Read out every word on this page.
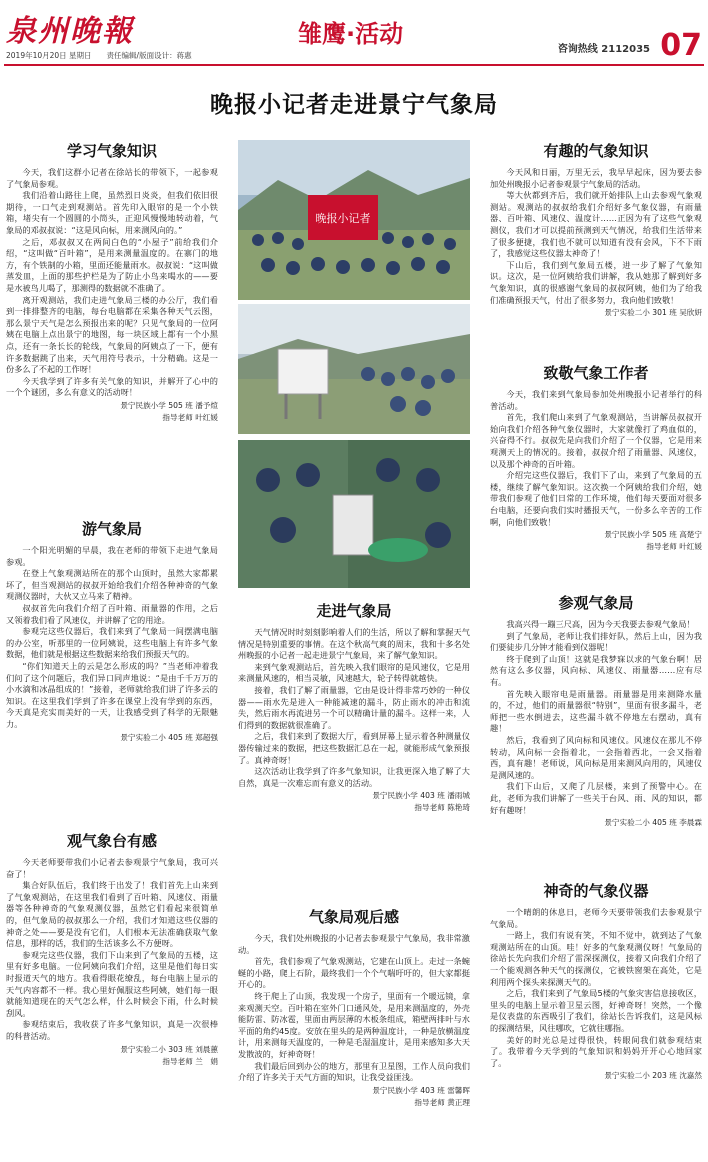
泉州晚報	雏鹰·活动
咨询热线 2112035 07
2019年10月20日 星期日　　责任编辑/版面设计：蒋惠
晚报小记者走进景宁气象局
学习气象知识

今天，我们这群小记者在徐站长的带领下，一起参观了气象局参观。

我们沿着山路往上爬，虽然烈日炎炎，但我们依旧很期待，一口气走到观测站。首先印入眼帘的是一个小铁箱，堵尖有一个圆圆的小筒头，正迎风慢慢地转动着，气象局的邓叔叔说：“这是风向标，用来测风向的。”

之后，邓叔叔又在两间白色的“小屋子”前给我们介绍，“这叫做“百叶箱”，是用来测量温度的。在寨门的地方，有个铁制的小箱，里面还能量雨水。叔叔说：“这叫做蒸发皿，上面的那些护栏是为了防止小鸟来喝水的——要是水被鸟儿喝了，那测得的数据就不准确了。

离开观测站，我们走进气象局三楼的办公厅，我们看到一排排整齐的电脑，每台电脑都在采集各种天气云图，那么景宁天气是怎么预报出来的呢？只见气象局的一位阿姨在电脑上点出景宁的地图，每一块区域上都有一个小黑点，还有一条长长的轮线，气象局的阿姨点了一下，便有许多数据跳了出来，天气用符号表示，十分精确。这是一份多么了不起的工作呀！

今天我学到了许多有关气象的知识，并解开了心中的一个个谜团，多么有意义的活动呀！

景宁民族小学 505 班 潘予煊
指导老师 叶红媛
游气象局

一个阳光明媚的早晨，我在老师的带领下走进气象局参观。

在登上气象观测站所在的那个山顶时，虽然大家都累坏了，但当观测站的叔叔开始给我们介绍各种神奇的气象观测仪器时，大伙又立马来了精神。

叔叔首先向我们介绍了百叶箱、雨量器的作用，之后又领着我们看了风速仪，并讲解了它的用途。

参观完这些仪器后，我们来到了气象局一间摆满电脑的办公室，听那里的一位阿姨说，这些电脑上有许多气象数据，他们就是根据这些数据来给我们预报天气的。

“你们知道天上的云是怎么形成的吗？”当老师冲着我们问了这个问题后，我们异口同声地说：“是由千千万万的小水滴和冰晶组成的！”接着，老师就给我们讲了许多云的知识。在这里我们学到了许多在课堂上没有学到的东西，今天真是充实而美好的一天，让我感受到了科学的无限魅力。

景宁实验二小 405 班 郑超强
观气象台有感

今天老师要带我们小记者去参观景宁气象局，我可兴奋了！

集合好队伍后，我们终于出发了！我们首先上山来到了气象观测站，在这里我们看到了百叶箱、风速仪、雨量器等各种神奇的气象观测仪器，虽然它们看起来很简单的，但气象局的叔叔那么一介绍，我们才知道这些仪器的神奇之处——要是没有它们，人们根本无法准确获取气象信息，那样的话，我们的生活该多么不方便呀。

参观完这些仪器，我们下山来到了气象局的五楼，这里有好多电脑。一位阿姨向我们介绍，这里是他们每日实时报道天气的地方。我看得眼花缭乱，每台电脑上显示的天气内容都不一样。我心里好佩服这些阿姨，她们每一眼就能知道现在的天气怎么样，什么时候会下雨，什么时候刮风。

参观结束后，我收获了许多气象知识，真是一次很棒的科普活动。

景宁实验二小 303 班 刘晨蕙
指导老师 兰　娟
晚报小记者
走进气象局

天气情况时时刻刻影响着人们的生活，所以了解和掌握天气情况是特别重要的事情。在这个秋高气爽的周末，我和十多名处州晚报的小记者一起走进景宁气象局，来了解气象知识。

来到气象观测站后，首先映入我们眼帘的是风速仪，它是用来测量风速的，相当灵敏，风速越大，轮子转得就越快。

接着，我们了解了雨量器，它由是设计得非常巧妙的一种仪器——雨水先是进入一种能减速的漏斗，防止雨水的冲击和流失，然后雨水再流进另一个可以精确计量的漏斗。这样一来，人们得到的数据就很准确了。

之后，我们来到了数据大厅，看到屏幕上显示着各种测量仪器传输过来的数据，把这些数据汇总在一起，就能形成气象预报了。真神奇呀！

这次活动让我学到了许多气象知识，让我更深入地了解了大自然，真是一次难忘而有意义的活动。

景宁民族小学 403 班 潘雨城
指导老师 陈艳琦
气象局观后感

今天，我们处州晚报的小记者去参观景宁气象局，我非常激动。

首先，我们参观了气象观测站，它建在山顶上。走过一条蜿蜒的小路，爬上石阶，最终我们一个个气喘吁吁的，但大家都挺开心的。

终于爬上了山顶，我发现一个房子，里面有一个暖远镜，拿来观测天空。百叶箱在室外门口通风处，是用来测温度的，外壳能防雷、防冰雹，里面由两层薄的木板条组成，箱壁两排叶与水平面的角约45度。安放在里头的是两种温度计，一种是放横温度计，用来测每天温度的，一种是毛湿温度计，是用来感知多大天发散波的，好神奇呀！

我们最后回到办公的地方，那里有卫星图，工作人员向我们介绍了许多关于天气方面的知识，让我受益匪浅。

景宁民族小学 403 班 雷馨晖
指导老师 黄正理
有趣的气象知识

今天风和日丽，万里无云，我早早起床，因为要去参加处州晚报小记者参观景宁气象局的活动。

等大伙都到齐后，我们就开始排队上山去参观气象观测站。观测站的叔叔给我们介绍好多气象仪器，有雨量器、百叶箱、风速仪、温度计……正因为有了这些气象观测仪，我们才可以提前预测到天气情况，给我们生活带来了很多便捷，我们也不就可以知道有没有会风，下不下雨了，我感觉这些仪器太神奇了！

下山后，我们到气象局五楼，进一步了解了气象知识。这次，是一位阿姨给我们讲解，我从她那了解到好多气象知识，真的很感谢气象局的叔叔阿姨，他们为了给我们准确预报天气，付出了很多努力，我向他们致敬！

景宁实验二小 301 班 吴欣妍
致敬气象工作者

今天，我们来到气象局参加处州晚报小记者举行的科普活动。

首先，我们爬山来到了气象观测站，当讲解员叔叔开始向我们介绍各种气象仪器时，大家就像打了鸡血似的，兴奋得不行。叔叔先是向我们介绍了一个仪器，它是用来观测天上的情况的。接着，叔叔介绍了雨量器、风速仪，以及那个神奇的百叶箱。

介绍完这些仪器后，我们下了山，来到了气象局的五楼，继续了解气象知识。这次换一个阿姨给我们介绍，她带我们参观了他们日常的工作环境，他们每天要面对很多台电脑，还要向我们实时播报天气，一份多么辛苦的工作啊，向他们致敬！

景宁民族小学 505 班 高楚宁
指导老师 叶红媛
参观气象局

我高兴得一蹦三尺高，因为今天我要去参观气象局！

到了气象局，老师让我们排好队，然后上山，因为我们要徒步几分钟才能看到仪器呢！

终于爬到了山顶！这就是我梦寐以求的气象台啊！居然有这么多仪器，风向标、风速仪、雨量器……应有尽有。

首先映入眼帘电是雨量器。雨量器是用来测降水量的，不过，他们的雨量器很“特别”，里面有很多漏斗，老师把一些水倒进去，这些漏斗就不停地左右摆动，真有趣！

然后，我看到了风向标和风速仪。风速仪在那儿不停转动，风向标一会指着北，一会指着西北，一会又指着西，真有趣！老师说，风向标是用来测风向用的，风速仪是测风速的。

我们下山后，又爬了几层楼，来到了预警中心。在此，老师为我们讲解了一些关于台风、雨、风的知识，都好有趣呀！

景宁实验二小 405 班 李晨霖
神奇的气象仪器

一个晴朗的休息日，老师今天要带领我们去参观景宁气象局。

一路上，我们有说有笑，不知不觉中，就到达了气象观测站所在的山顶。哇！好多的气象观测仪呀！气象局的徐站长先向我们介绍了雷深探测仪，接着又向我们介绍了一个能观测各种天气的探测仪，它被铁窗架在高处，它是利用两个探头来探测天气的。

之后，我们来到了气象局5楼的气象灾害信息接收区，里头的电脑上显示着卫星云图，好神奇呀！突然，一个像是仪表盘的东西吸引了我们，徐站长告诉我们，这是风标的探测结果，风往哪吹，它就往哪指。

美好的时光总是过得很快，转眼间我们就参观结束了。我带着今天学到的气象知识和妈妈开开心心地回家了。

景宁实验二小 203 班 沈嘉然
